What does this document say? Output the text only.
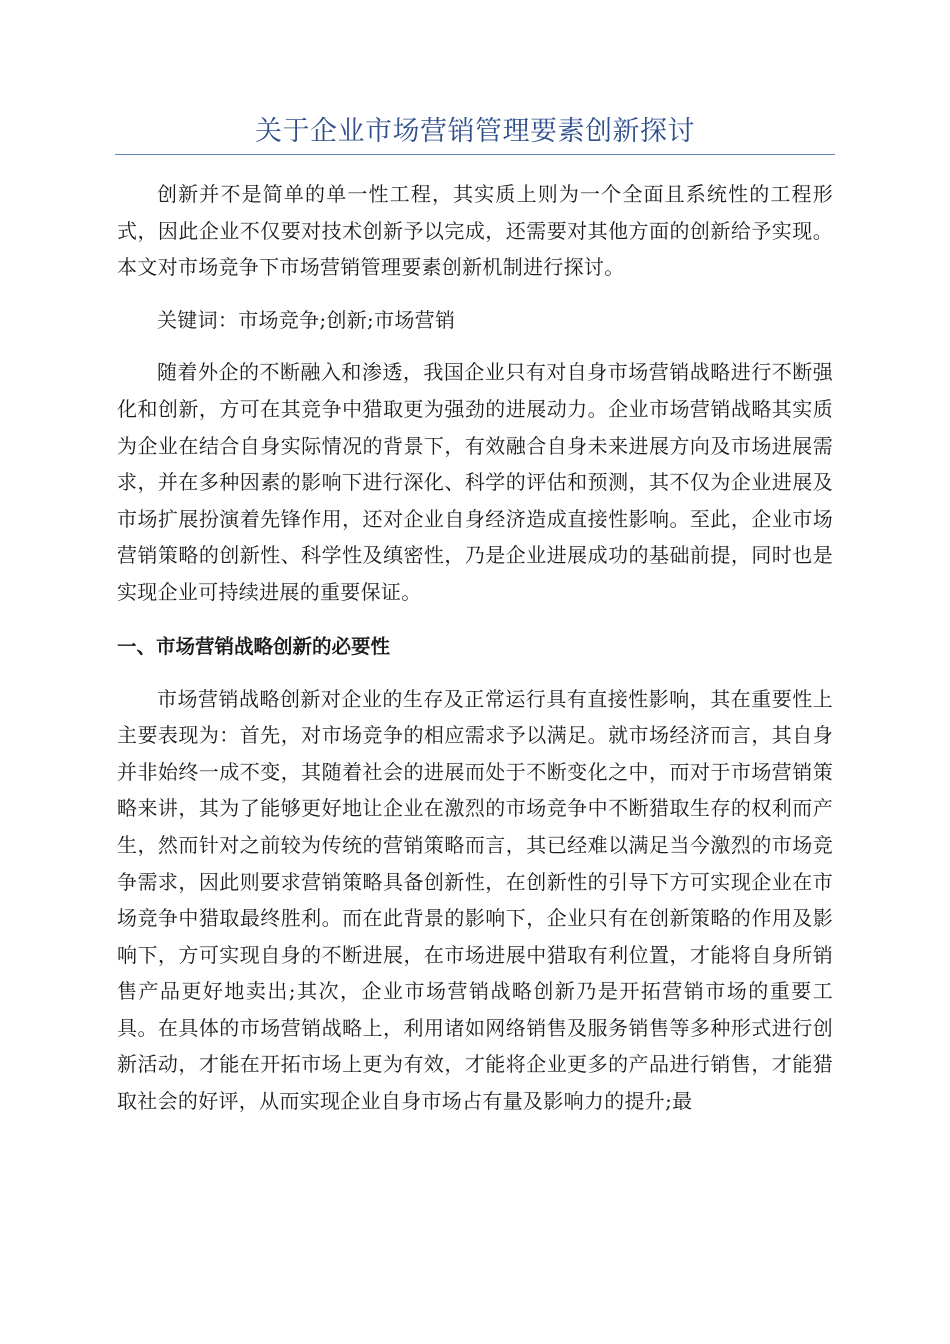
关于企业市场营销管理要素创新探讨

创新并不是简单的单一性工程，其实质上则为一个全面且系统性的工程形式，因此企业不仅要对技术创新予以完成，还需要对其他方面的创新给予实现。本文对市场竞争下市场营销管理要素创新机制进行探讨。

关键词：市场竞争;创新;市场营销

随着外企的不断融入和渗透，我国企业只有对自身市场营销战略进行不断强化和创新，方可在其竞争中猎取更为强劲的进展动力。企业市场营销战略其实质为企业在结合自身实际情况的背景下，有效融合自身未来进展方向及市场进展需求，并在多种因素的影响下进行深化、科学的评估和预测，其不仅为企业进展及市场扩展扮演着先锋作用，还对企业自身经济造成直接性影响。至此，企业市场营销策略的创新性、科学性及缜密性，乃是企业进展成功的基础前提，同时也是实现企业可持续进展的重要保证。

一、市场营销战略创新的必要性

市场营销战略创新对企业的生存及正常运行具有直接性影响，其在重要性上主要表现为：首先，对市场竞争的相应需求予以满足。就市场经济而言，其自身并非始终一成不变，其随着社会的进展而处于不断变化之中，而对于市场营销策略来讲，其为了能够更好地让企业在激烈的市场竞争中不断猎取生存的权利而产生，然而针对之前较为传统的营销策略而言，其已经难以满足当今激烈的市场竞争需求，因此则要求营销策略具备创新性，在创新性的引导下方可实现企业在市场竞争中猎取最终胜利。而在此背景的影响下，企业只有在创新策略的作用及影响下，方可实现自身的不断进展，在市场进展中猎取有利位置，才能将自身所销售产品更好地卖出;其次，企业市场营销战略创新乃是开拓营销市场的重要工具。在具体的市场营销战略上，利用诸如网络销售及服务销售等多种形式进行创新活动，才能在开拓市场上更为有效，才能将企业更多的产品进行销售，才能猎取社会的好评，从而实现企业自身市场占有量及影响力的提升;最
